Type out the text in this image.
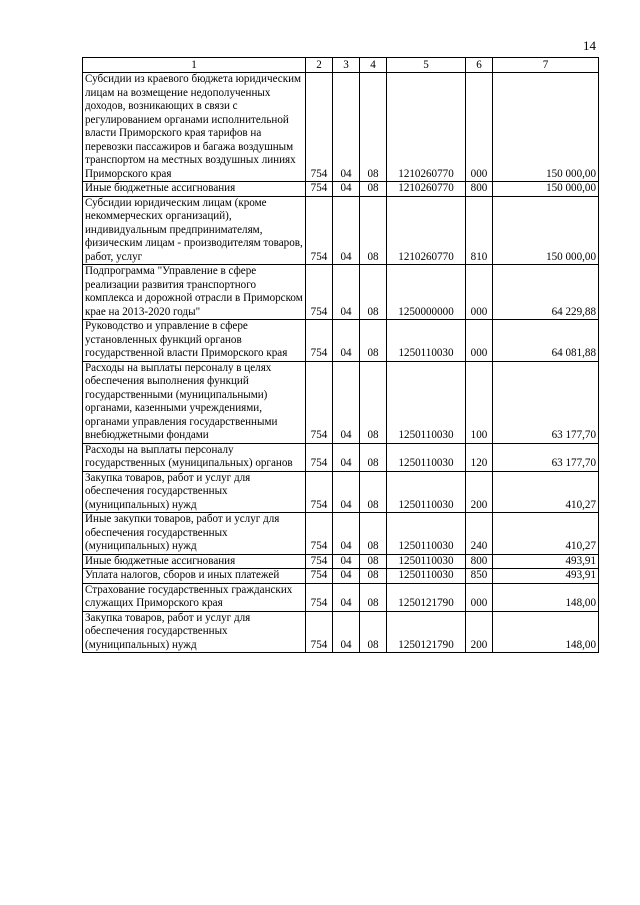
14
1	2	3	4	5	6	7
Субсидии из краевого бюджета юридическим лицам на возмещение недополученных доходов, возникающих в связи с регулированием органами исполнительной власти Приморского края тарифов на перевозки пассажиров и багажа воздушным транспортом на местных воздушных линиях Приморского края	754	04	08	1210260770	000	150 000,00
Иные бюджетные ассигнования	754	04	08	1210260770	800	150 000,00
Субсидии юридическим лицам (кроме некоммерческих организаций), индивидуальным предпринимателям, физическим лицам - производителям товаров, работ, услуг	754	04	08	1210260770	810	150 000,00
Подпрограмма "Управление в сфере реализации развития транспортного комплекса и дорожной отрасли в Приморском крае на 2013-2020 годы"	754	04	08	1250000000	000	64 229,88
Руководство и управление в сфере установленных функций органов государственной власти Приморского края	754	04	08	1250110030	000	64 081,88
Расходы на выплаты персоналу в целях обеспечения выполнения функций государственными (муниципальными) органами, казенными учреждениями, органами управления государственными внебюджетными фондами	754	04	08	1250110030	100	63 177,70
Расходы на выплаты персоналу государственных (муниципальных) органов	754	04	08	1250110030	120	63 177,70
Закупка товаров, работ и услуг для обеспечения государственных (муниципальных) нужд	754	04	08	1250110030	200	410,27
Иные закупки товаров, работ и услуг для обеспечения государственных (муниципальных) нужд	754	04	08	1250110030	240	410,27
Иные бюджетные ассигнования	754	04	08	1250110030	800	493,91
Уплата налогов, сборов и иных платежей	754	04	08	1250110030	850	493,91
Страхование государственных гражданских служащих Приморского края	754	04	08	1250121790	000	148,00
Закупка товаров, работ и услуг для обеспечения государственных (муниципальных) нужд	754	04	08	1250121790	200	148,00
